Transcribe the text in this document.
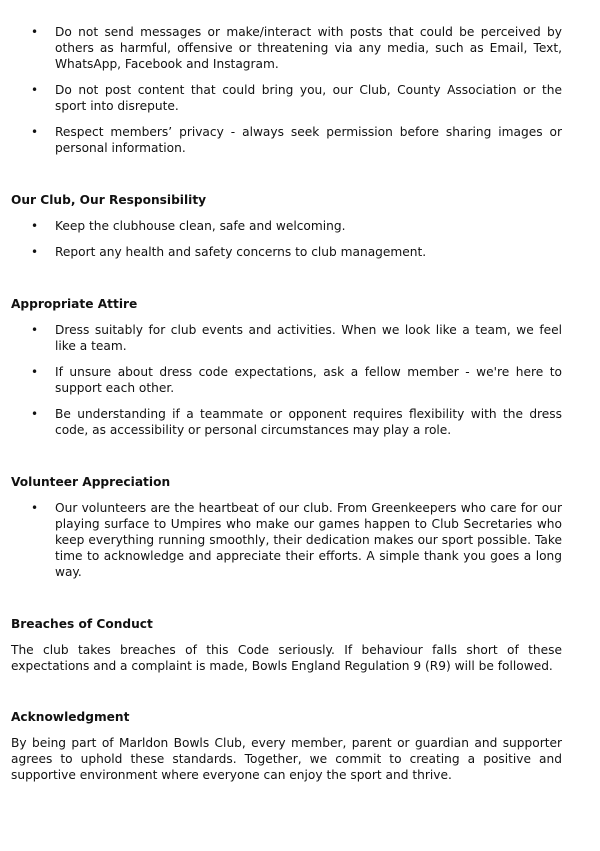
• Do not send messages or make/interact with posts that could be perceived by others as harmful, offensive or threatening via any media, such as Email, Text, WhatsApp, Facebook and Instagram.
• Do not post content that could bring you, our Club, County Association or the sport into disrepute.
• Respect members’ privacy - always seek permission before sharing images or personal information.
Our Club, Our Responsibility
• Keep the clubhouse clean, safe and welcoming.
• Report any health and safety concerns to club management.
Appropriate Attire
• Dress suitably for club events and activities. When we look like a team, we feel like a team.
• If unsure about dress code expectations, ask a fellow member - we're here to support each other.
• Be understanding if a teammate or opponent requires flexibility with the dress code, as accessibility or personal circumstances may play a role.
Volunteer Appreciation
• Our volunteers are the heartbeat of our club. From Greenkeepers who care for our playing surface to Umpires who make our games happen to Club Secretaries who keep everything running smoothly, their dedication makes our sport possible. Take time to acknowledge and appreciate their efforts. A simple thank you goes a long way.
Breaches of Conduct

The club takes breaches of this Code seriously. If behaviour falls short of these expectations and a complaint is made, Bowls England Regulation 9 (R9) will be followed.

Acknowledgment

By being part of Marldon Bowls Club, every member, parent or guardian and supporter agrees to uphold these standards. Together, we commit to creating a positive and supportive environment where everyone can enjoy the sport and thrive.
